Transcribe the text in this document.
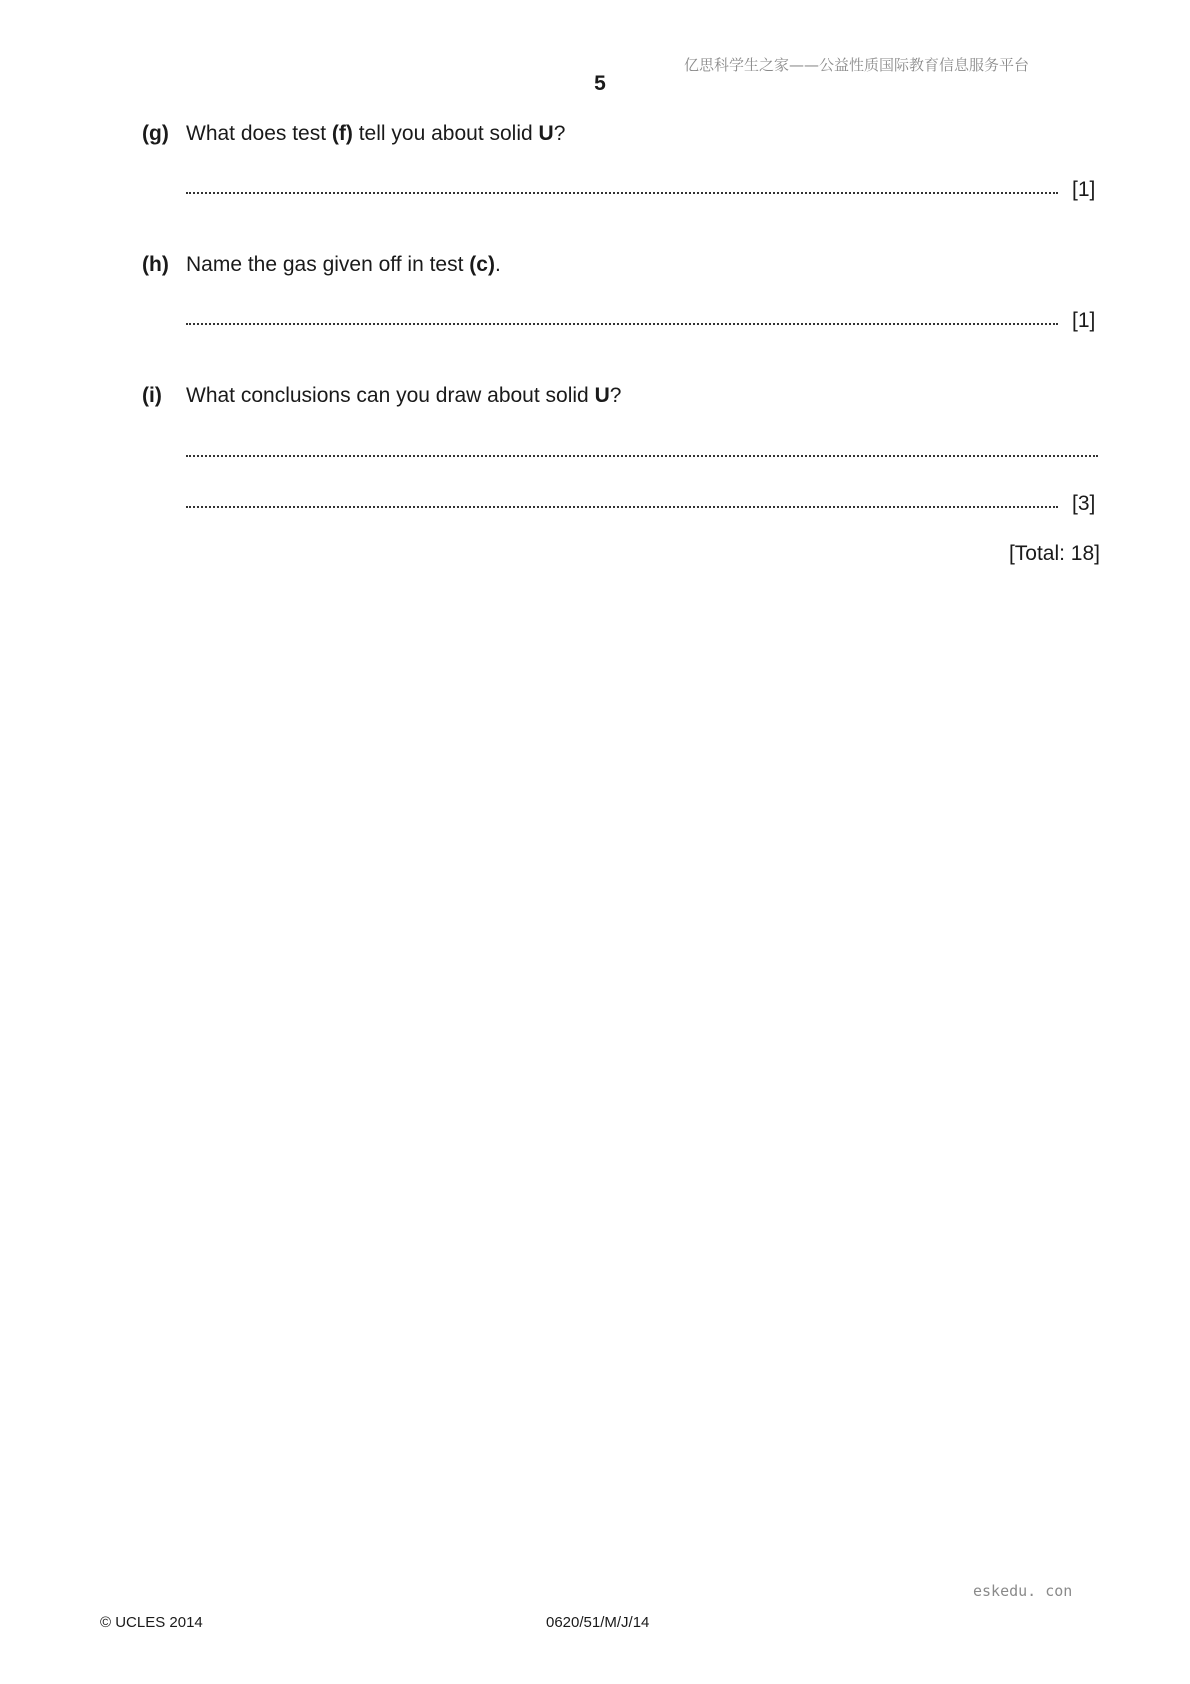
亿思科学生之家——公益性质国际教育信息服务平台
5
(g) What does test (f) tell you about solid U?
[1]
(h) Name the gas given off in test (c).
[1]
(i) What conclusions can you draw about solid U?
[3]
[Total: 18]
eskedu. con
© UCLES 2014	0620/51/M/J/14
